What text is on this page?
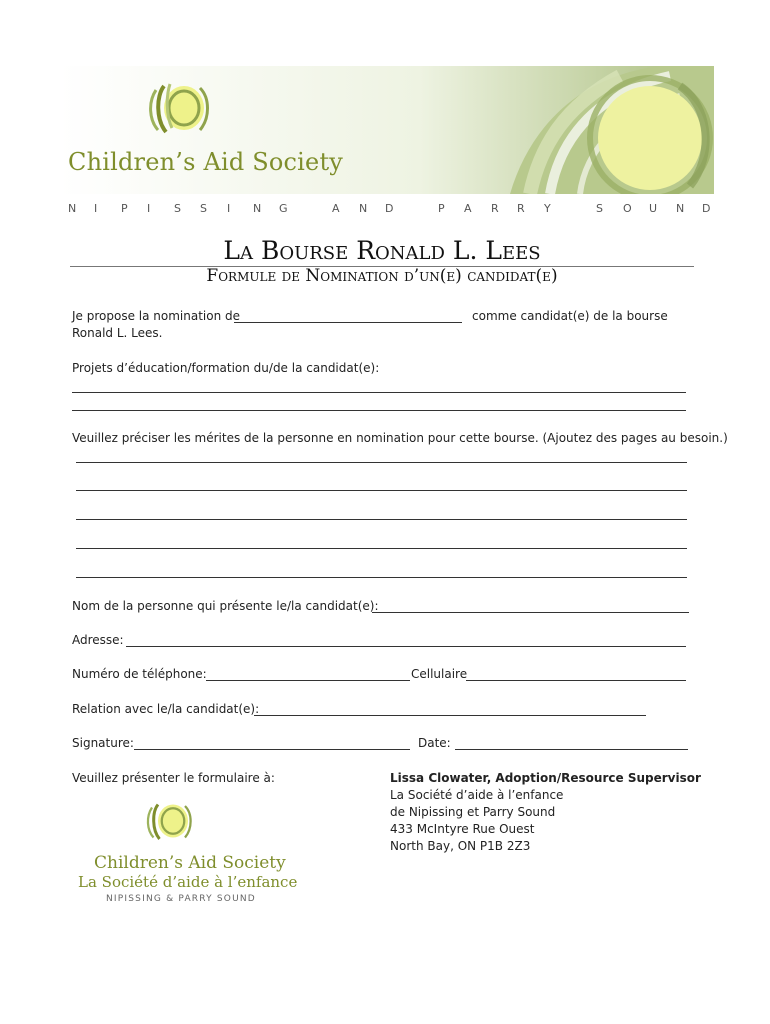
Children’s Aid Society
N I P I S S I N G	A N D	P A R R Y	S O U N D
La Bourse Ronald L. Lees
Formule de Nomination d’un(e) candidat(e)
Je propose la nomination de	comme candidat(e) de la bourse
Ronald L. Lees.
Projets d’éducation/formation du/de la candidat(e):
Veuillez préciser les mérites de la personne en nomination pour cette bourse. (Ajoutez des pages au besoin.)
Nom de la personne qui présente le/la candidat(e):
Adresse:
Numéro de téléphone:	Cellulaire
Relation avec le/la candidat(e):
Signature:	Date:
Veuillez présenter le formulaire à:	Lissa Clowater, Adoption/Resource Supervisor
La Société d’aide à l’enfance
de Nipissing et Parry Sound
433 McIntyre Rue Ouest
North Bay, ON P1B 2Z3
Children’s Aid Society
La Société d’aide à l’enfance
NIPISSING & PARRY SOUND
